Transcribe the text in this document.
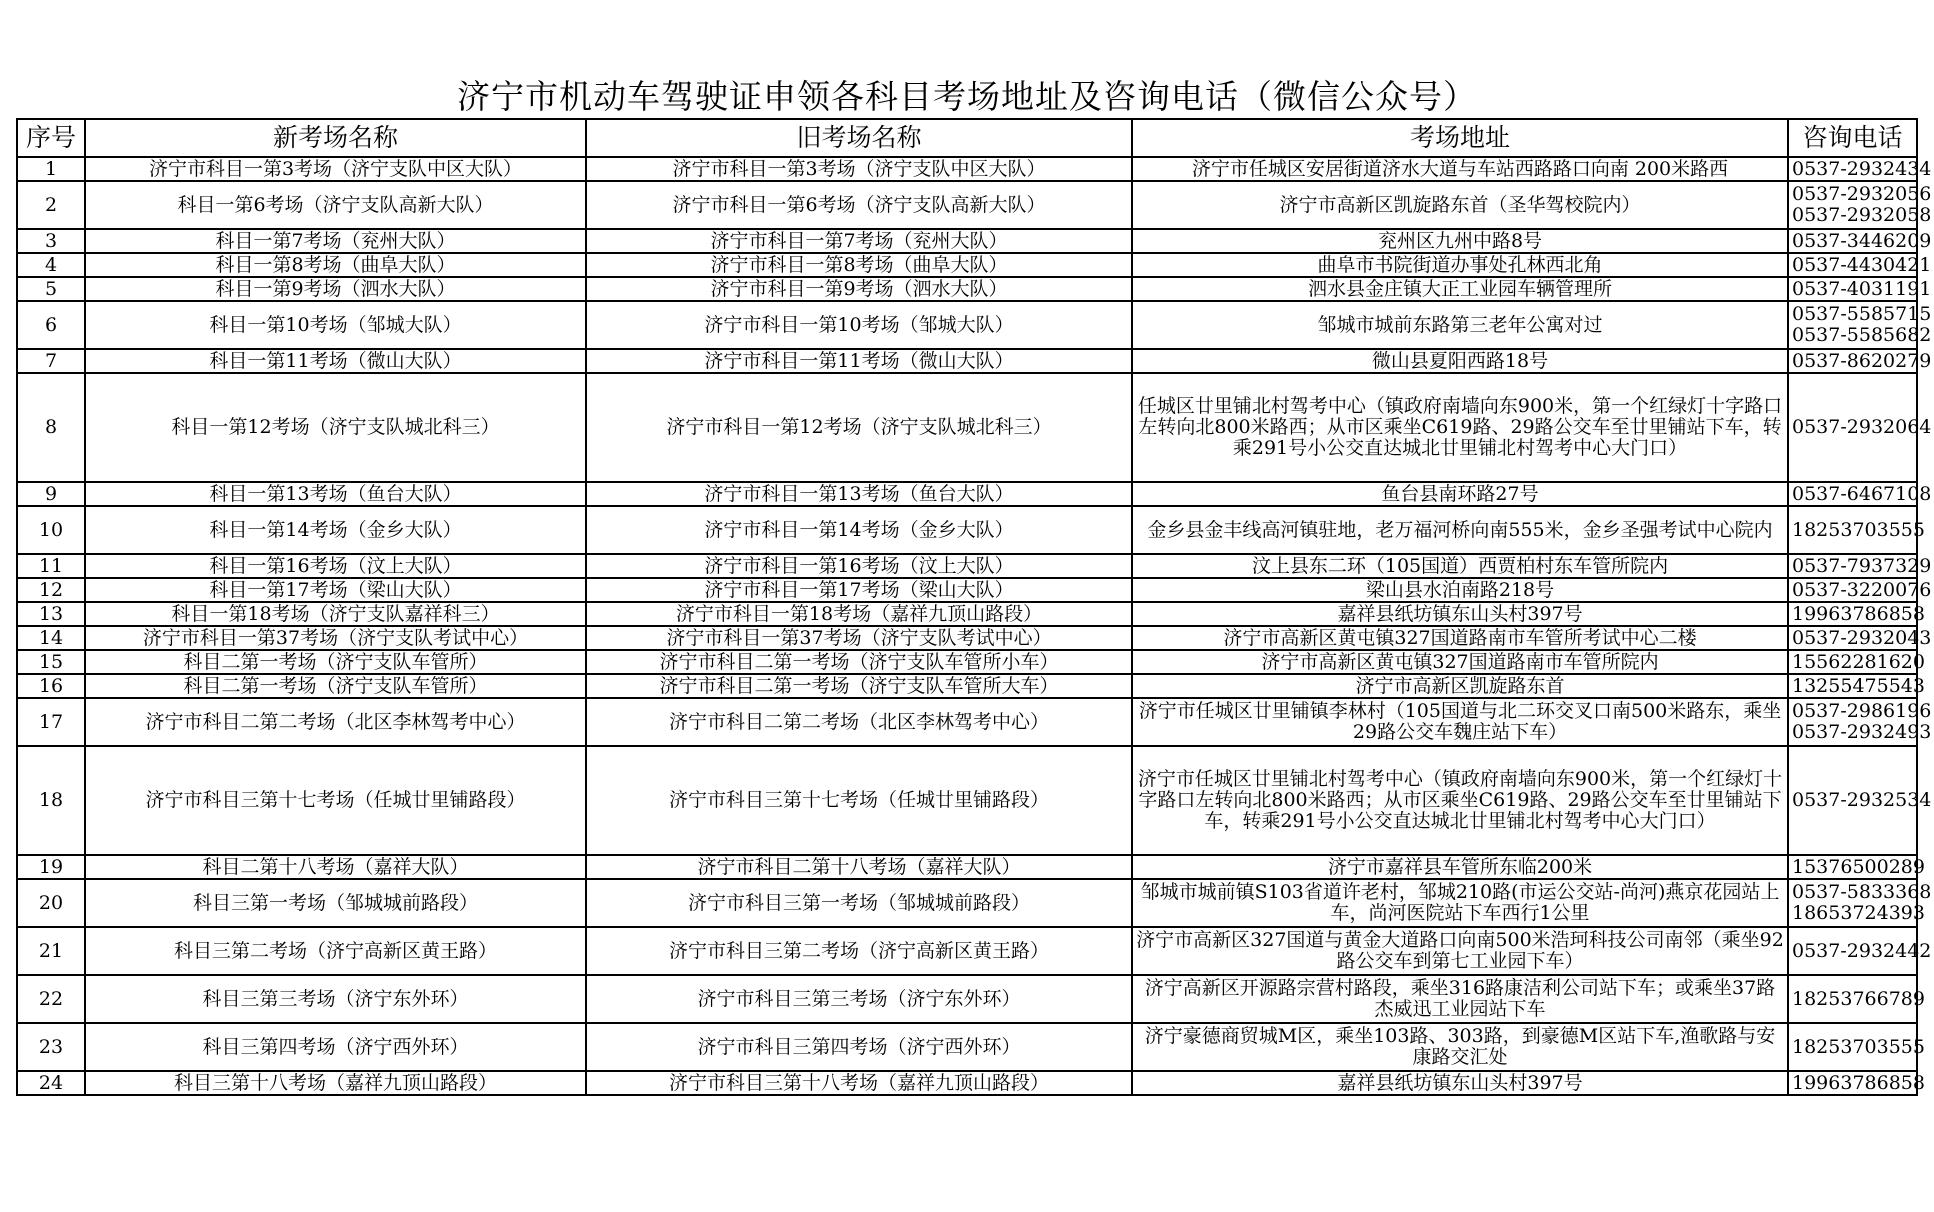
济宁市机动车驾驶证申领各科目考场地址及咨询电话（微信公众号）
序号	新考场名称	旧考场名称	考场地址	咨询电话
1	济宁市科目一第3考场（济宁支队中区大队）	济宁市科目一第3考场（济宁支队中区大队）	济宁市任城区安居街道济水大道与车站西路路口向南 200米路西	0537-2932434

2	科目一第6考场（济宁支队高新大队）	济宁市科目一第6考场（济宁支队高新大队）	济宁市高新区凯旋路东首（圣华驾校院内）	0537-2932056
0537-2932058

3	科目一第7考场（兖州大队）	济宁市科目一第7考场（兖州大队）	兖州区九州中路8号	0537-3446209

4	科目一第8考场（曲阜大队）	济宁市科目一第8考场（曲阜大队）	曲阜市书院街道办事处孔林西北角	0537-4430421

5	科目一第9考场（泗水大队）	济宁市科目一第9考场（泗水大队）	泗水县金庄镇大正工业园车辆管理所	0537-4031191

6	科目一第10考场（邹城大队）	济宁市科目一第10考场（邹城大队）	邹城市城前东路第三老年公寓对过	0537-5585715
0537-5585682

7	科目一第11考场（微山大队）	济宁市科目一第11考场（微山大队）	微山县夏阳西路18号	0537-8620279

8	科目一第12考场（济宁支队城北科三）	济宁市科目一第12考场（济宁支队城北科三）	任城区廿里铺北村驾考中心（镇政府南墙向东900米，第一个红绿灯十字路口左转向北800米路西；从市区乘坐C619路、29路公交车至廿里铺站下车，转乘291号小公交直达城北廿里铺北村驾考中心大门口）	0537-2932064

9	科目一第13考场（鱼台大队）	济宁市科目一第13考场（鱼台大队）	鱼台县南环路27号	0537-6467108

10	科目一第14考场（金乡大队）	济宁市科目一第14考场（金乡大队）	金乡县金丰线高河镇驻地，老万福河桥向南555米，金乡圣强考试中心院内	18253703555

11	科目一第16考场（汶上大队）	济宁市科目一第16考场（汶上大队）	汶上县东二环（105国道）西贾柏村东车管所院内	0537-7937329

12	科目一第17考场（梁山大队）	济宁市科目一第17考场（梁山大队）	梁山县水泊南路218号	0537-3220076

13	科目一第18考场（济宁支队嘉祥科三）	济宁市科目一第18考场（嘉祥九顶山路段）	嘉祥县纸坊镇东山头村397号	19963786858

14	济宁市科目一第37考场（济宁支队考试中心）	济宁市科目一第37考场（济宁支队考试中心）	济宁市高新区黄屯镇327国道路南市车管所考试中心二楼	0537-2932043

15	科目二第一考场（济宁支队车管所）	济宁市科目二第一考场（济宁支队车管所小车）	济宁市高新区黄屯镇327国道路南市车管所院内	15562281620

16	科目二第一考场（济宁支队车管所）	济宁市科目二第一考场（济宁支队车管所大车）	济宁市高新区凯旋路东首	13255475543

17	济宁市科目二第二考场（北区李林驾考中心）	济宁市科目二第二考场（北区李林驾考中心）	济宁市任城区廿里铺镇李林村（105国道与北二环交叉口南500米路东，乘坐29路公交车魏庄站下车）	0537-2986196
0537-2932493

18	济宁市科目三第十七考场（任城廿里铺路段）	济宁市科目三第十七考场（任城廿里铺路段）	济宁市任城区廿里铺北村驾考中心（镇政府南墙向东900米，第一个红绿灯十字路口左转向北800米路西；从市区乘坐C619路、29路公交车至廿里铺站下车，转乘291号小公交直达城北廿里铺北村驾考中心大门口）	0537-2932534

19	科目二第十八考场（嘉祥大队）	济宁市科目二第十八考场（嘉祥大队）	济宁市嘉祥县车管所东临200米	15376500289

20	科目三第一考场（邹城城前路段）	济宁市科目三第一考场（邹城城前路段）	邹城市城前镇S103省道许老村，邹城210路(市运公交站-尚河)燕京花园站上车，尚河医院站下车西行1公里	0537-5833368
18653724393

21	科目三第二考场（济宁高新区黄王路）	济宁市科目三第二考场（济宁高新区黄王路）	济宁市高新区327国道与黄金大道路口向南500米浩珂科技公司南邻（乘坐92路公交车到第七工业园下车）	0537-2932442

22	科目三第三考场（济宁东外环）	济宁市科目三第三考场（济宁东外环）	济宁高新区开源路宗营村路段，乘坐316路康洁利公司站下车；或乘坐37路杰威迅工业园站下车	18253766789

23	科目三第四考场（济宁西外环）	济宁市科目三第四考场（济宁西外环）	济宁豪德商贸城M区，乘坐103路、303路，到豪德M区站下车,渔歌路与安康路交汇处	18253703555

24	科目三第十八考场（嘉祥九顶山路段）	济宁市科目三第十八考场（嘉祥九顶山路段）	嘉祥县纸坊镇东山头村397号	19963786858
